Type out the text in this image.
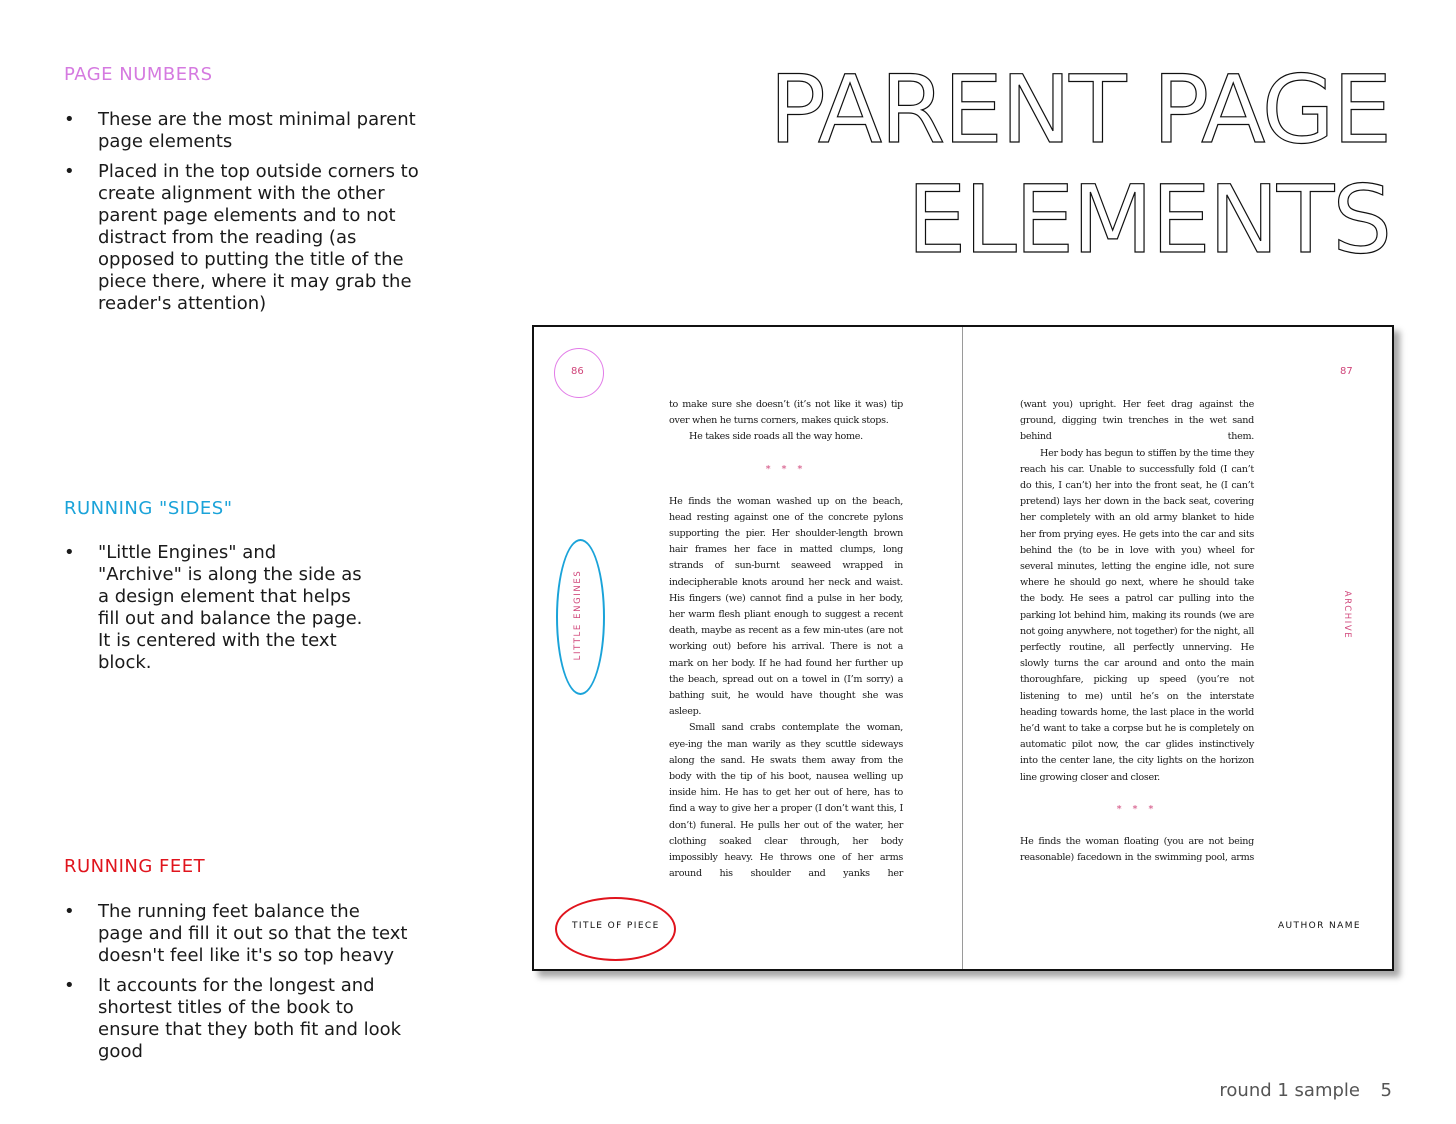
PAGE NUMBERS
• These are the most minimal parent page elements
• Placed in the top outside corners to create alignment with the other parent page elements and to not distract from the reading (as opposed to putting the title of the piece there, where it may grab the reader's attention)
RUNNING "SIDES"
• "Little Engines" and "Archive" is along the side as a design element that helps fill out and balance the page. It is centered with the text block.
RUNNING FEET
• The running feet balance the page and fill it out so that the text doesn't feel like it's so top heavy
• It accounts for the longest and shortest titles of the book to ensure that they both fit and look good
PARENT PAGE
ELEMENTS
86
LITTLE ENGINES
TITLE OF PIECE

to make sure she doesn’t (it’s not like it was) tip over when he turns corners, makes quick stops.

He takes side roads all the way home.

* * *

He finds the woman washed up on the beach, head resting against one of the concrete pylons supporting the pier. Her shoulder-length brown hair frames her face in matted clumps, long strands of sun-burnt seaweed wrapped in indecipherable knots around her neck and waist. His fingers (we) cannot find a pulse in her body, her warm flesh pliant enough to suggest a recent death, maybe as recent as a few min-utes (are not working out) before his arrival. There is not a mark on her body. If he had found her further up the beach, spread out on a towel in (I’m sorry) a bathing suit, he would have thought she was asleep.

Small sand crabs contemplate the woman, eye-ing the man warily as they scuttle sideways along the sand. He swats them away from the body with the tip of his boot, nausea welling up inside him. He has to get her out of here, has to find a way to give her a proper (I don’t want this, I don’t) funeral. He pulls her out of the water, her clothing soaked clear through, her body impossibly heavy. He throws one of her arms around his shoulder and yanks her

87
ARCHIVE
AUTHOR NAME

(want you) upright. Her feet drag against the ground, digging twin trenches in the wet sand behind them.

Her body has begun to stiffen by the time they reach his car. Unable to successfully fold (I can’t do this, I can’t) her into the front seat, he (I can’t pretend) lays her down in the back seat, covering her completely with an old army blanket to hide her from prying eyes. He gets into the car and sits behind the (to be in love with you) wheel for several minutes, letting the engine idle, not sure where he should go next, where he should take the body. He sees a patrol car pulling into the parking lot behind him, making its rounds (we are not going anywhere, not together) for the night, all perfectly routine, all perfectly unnerving. He slowly turns the car around and onto the main thoroughfare, picking up speed (you’re not listening to me) until he’s on the interstate heading towards home, the last place in the world he’d want to take a corpse but he is completely on automatic pilot now, the car glides instinctively into the center lane, the city lights on the horizon line growing closer and closer.

* * *

He finds the woman floating (you are not being reasonable) facedown in the swimming pool, arms

round 1 sample 5
